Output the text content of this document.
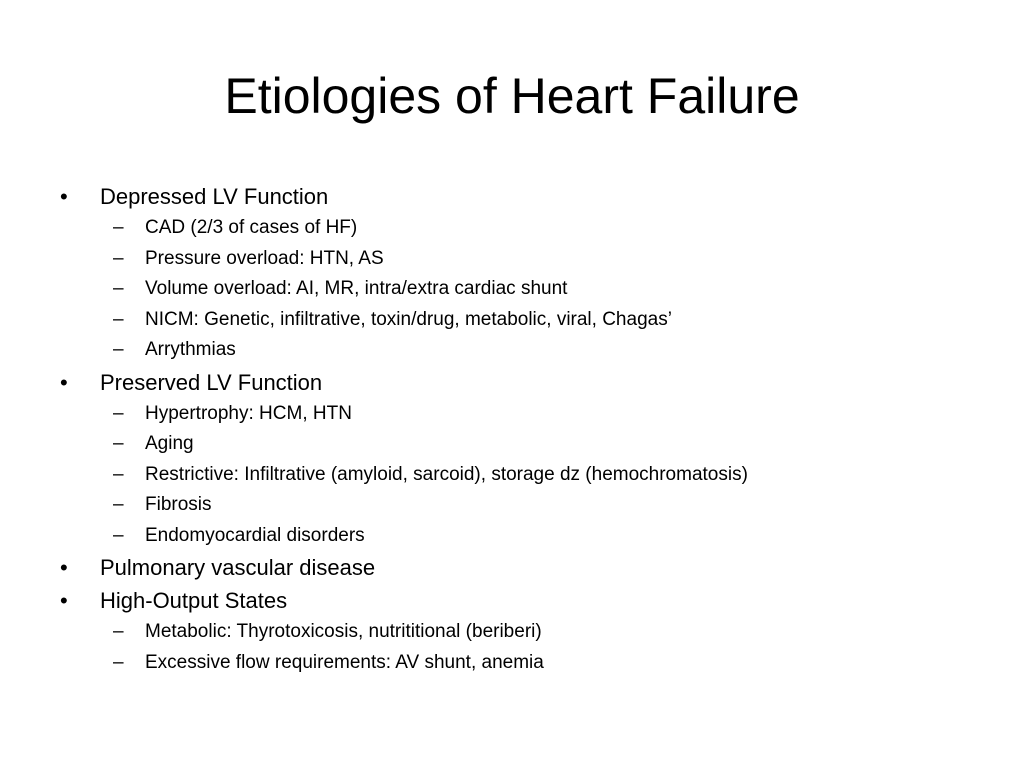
Etiologies of Heart Failure
•	Depressed LV Function
– CAD (2/3 of cases of HF)
– Pressure overload: HTN, AS
– Volume overload: AI, MR, intra/extra cardiac shunt
– NICM: Genetic, infiltrative, toxin/drug, metabolic, viral, Chagas’
– Arrythmias
•	Preserved LV Function
– Hypertrophy: HCM, HTN
– Aging
– Restrictive: Infiltrative (amyloid, sarcoid), storage dz (hemochromatosis)
– Fibrosis
– Endomyocardial disorders
•	Pulmonary vascular disease
•	High-Output States
– Metabolic: Thyrotoxicosis, nutrititional (beriberi)
– Excessive flow requirements: AV shunt, anemia
